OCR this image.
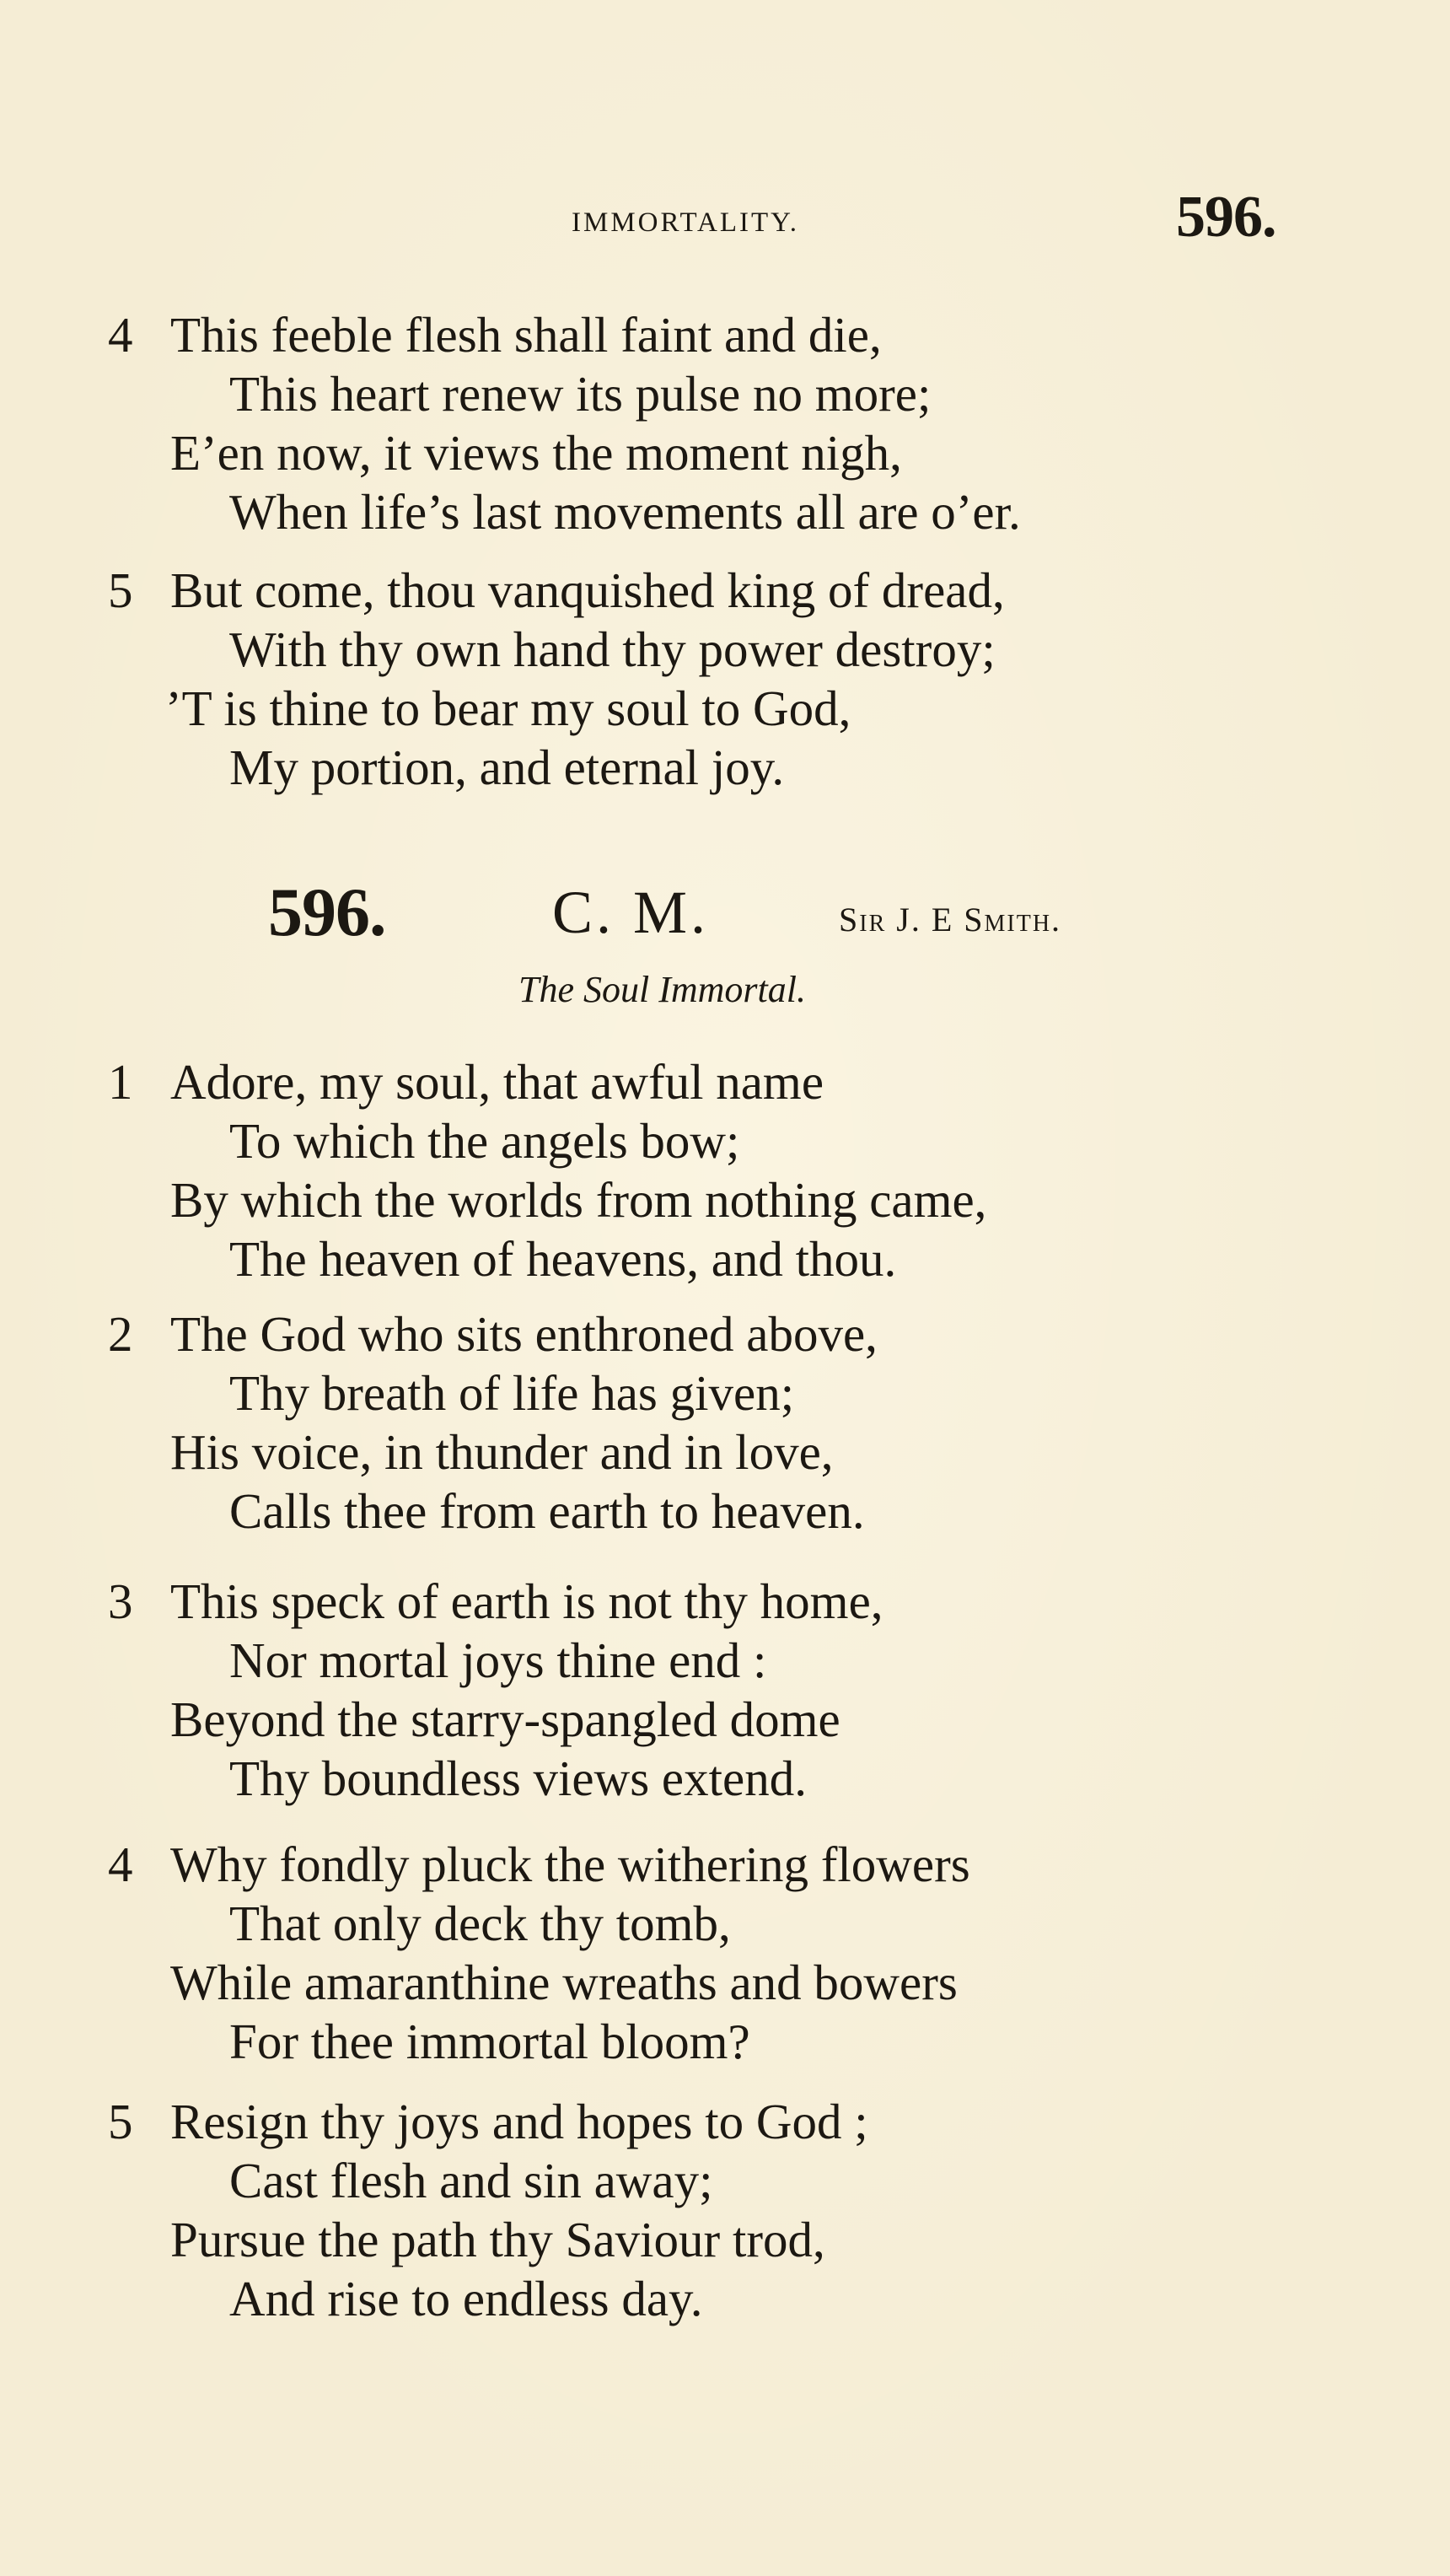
IMMORTALITY.	596.
4 This feeble flesh shall faint and die,
This heart renew its pulse no more;
E’en now, it views the moment nigh,
When life’s last movements all are o’er.
5 But come, thou vanquished king of dread,
With thy own hand thy power destroy;
’T is thine to bear my soul to God,
My portion, and eternal joy.
596.	C. M.	Sir J. E Smith.
The Soul Immortal.
1 Adore, my soul, that awful name
To which the angels bow;
By which the worlds from nothing came,
The heaven of heavens, and thou.
2 The God who sits enthroned above,
Thy breath of life has given;
His voice, in thunder and in love,
Calls thee from earth to heaven.
3 This speck of earth is not thy home,
Nor mortal joys thine end :
Beyond the starry-spangled dome
Thy boundless views extend.
4 Why fondly pluck the withering flowers
That only deck thy tomb,
While amaranthine wreaths and bowers
For thee immortal bloom?
5 Resign thy joys and hopes to God ;
Cast flesh and sin away;
Pursue the path thy Saviour trod,
And rise to endless day.
